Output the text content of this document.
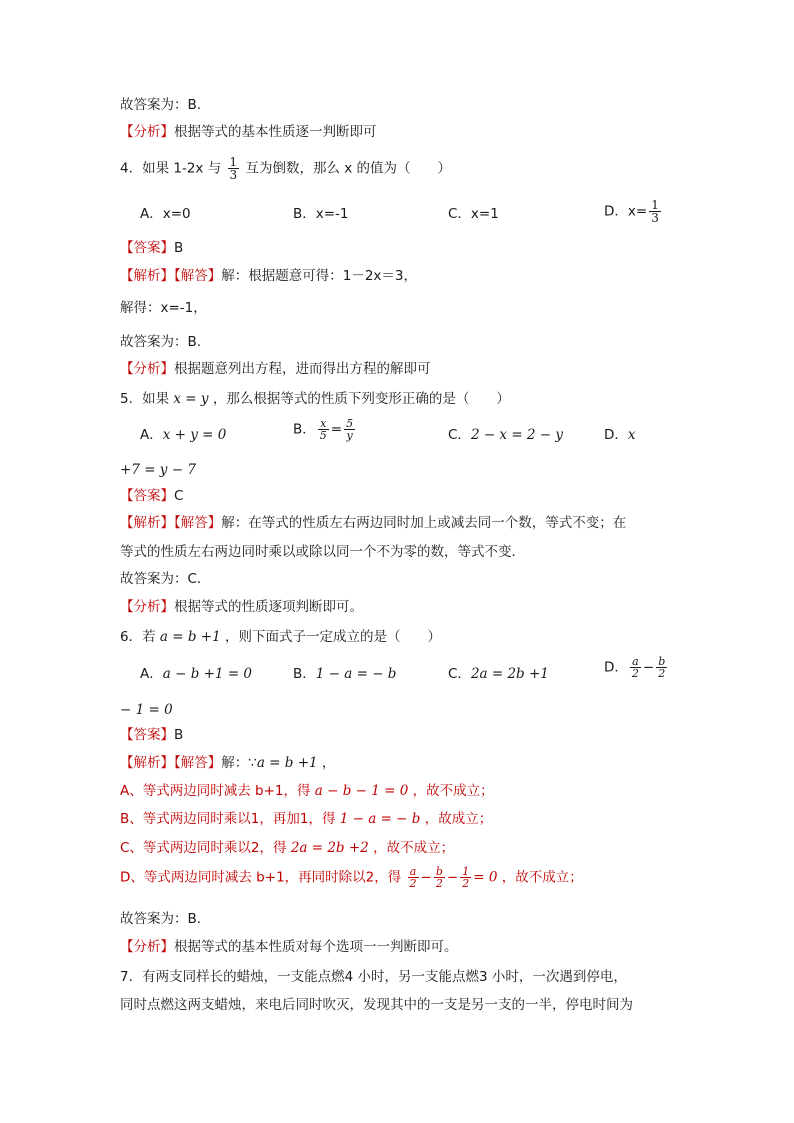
故答案为：B.
【分析】根据等式的基本性质逐一判断即可
4．如果 1-2x 与 $\frac{1}{3}$ 互为倒数，那么 x 的值为（　　）
A．x=0	B．x=-1	C．x=1	D．$x= \frac{1}{3}$
【答案】B
【解析】【解答】解：根据题意可得：1－2x＝3，
解得：x=-1，
故答案为：B.
【分析】根据题意列出方程，进而得出方程的解即可
5．如果 x = y ，那么根据等式的性质下列变形正确的是（　　）
A．x + y = 0	B． $\frac{x}{5} = \frac{5}{y}$	C．2 − x = 2 − y	D．x
+7 = y − 7
【答案】C
【解析】【解答】解：在等式的性质左右两边同时加上或减去同一个数，等式不变；在
等式的性质左右两边同时乘以或除以同一个不为零的数，等式不变．
故答案为：C．
【分析】根据等式的性质逐项判断即可。
6．若 a = b +1 ，则下面式子一定成立的是（　　）
A．a − b +1 = 0	B．1 − a = − b	C．2a = 2b +1	D． $\frac{a}{2} - \frac{b}{2}$
− 1 = 0
【答案】B
【解析】【解答】解：∵a = b +1 ，
A、等式两边同时减去 b+1，得 a − b − 1 = 0 ，故不成立；
B、等式两边同时乘以1，再加1，得 1 − a = − b ，故成立；
C、等式两边同时乘以2，得 2a = 2b +2 ，故不成立；
D、等式两边同时减去 b+1，再同时除以2，得 $\frac{a}{2} - \frac{b}{2} - \frac{1}{2} = 0$ ，故不成立；
故答案为：B．
【分析】根据等式的基本性质对每个选项一一判断即可。
7．有两支同样长的蜡烛，一支能点燃4 小时，另一支能点燃3 小时，一次遇到停电，
同时点燃这两支蜡烛，来电后同时吹灭，发现其中的一支是另一支的一半，停电时间为
